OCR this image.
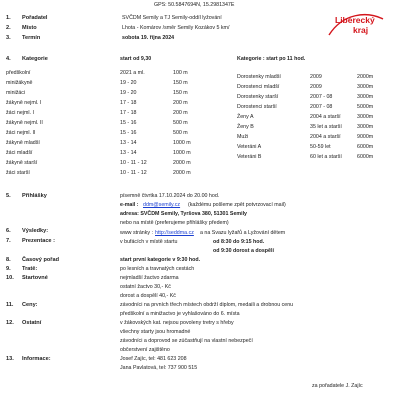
GPS: 50.5847694N, 15.2981347E
Liberecký
kraj
1. Pořadatel	SVČDM Semily a TJ Semily-oddíl lyžování
2. Místo	Lhota - Komárov /směr Semily Kozákov 5 km/
3. Termín	sobota 19. října 2024
4. Kategorie	start od 9,30	Kategorie : start po 11 hod.
předškolní	2021 a ml.	100 m
minižákyně	19 - 20	150 m
minižáci	19 - 20	150 m
žákyně nejml. I	17 - 18	200 m
žáci nejml. I	17 - 18	200 m
žákyně nejml. II	15 - 16	500 m
žáci nejml. II	15 - 16	500 m
žákyně mladší	13 - 14	1000 m
žáci mladší	13 - 14	1000 m
žákyně starší	10 - 11 - 12	2000 m
žáci starší	10 - 11 - 12	2000 m
Dorostenky mladší	2009	2000m
Dorostenci mladší	2009	3000m
Dorostenky starší	2007 - 08	3000m
Dorostenci starší	2007 - 08	5000m
Ženy A	2004 a starší	3000m
Ženy B	35 let a starší	3000m
Muži	2004 a starší	9000m
Veteráni A	50-59 let	6000m
Veteráni B	60 let a starší	6000m
5. Přihlášky	písemně čtvrtka 17.10.2024 do 20.00 hod.
e-mail : ddm@semily.cz (každému pošleme zpět potvrzovací mail)
adresa: SVČDM Semily, Tyršova 380, 51301 Semily
nebo na místě (preferujeme přihlášky předem)
6. Výsledky:	www stránky : http://seddma.cz a na Svazu lyžařů a Lyžování dětem
v bufácích v místě startu
7. Prezentace :	od 8:30 do 9:15 hod.
od 9:30 dorost a dospělí
8. Časový pořad	start první kategorie v 9:30 hod.
9. Tratě:	po lesních a travnatých cestách
10. Startovné	nejmladší žactvo zdarma
ostatní žactvo 30,- Kč
dorost a dospělí 40,- Kč
11. Ceny:	závodníci na prvních třech místech obdrží diplom, medaili a drobnou cenu
předškolní a minižactvo je vyhlašováno do 6. místa
12. Ostatní	v žákovských kat. nejsou povoleny tretry s hřeby
všechny starty jsou hromadné
závodníci a doprovod se zúčastňují na vlastní nebezpečí
občerstvení zajištěno
13. Informace:	Josef Zajíc, tel: 481 623 208
Jana Pavlatová, tel: 737 900 515
za pořadatele J. Zajíc
